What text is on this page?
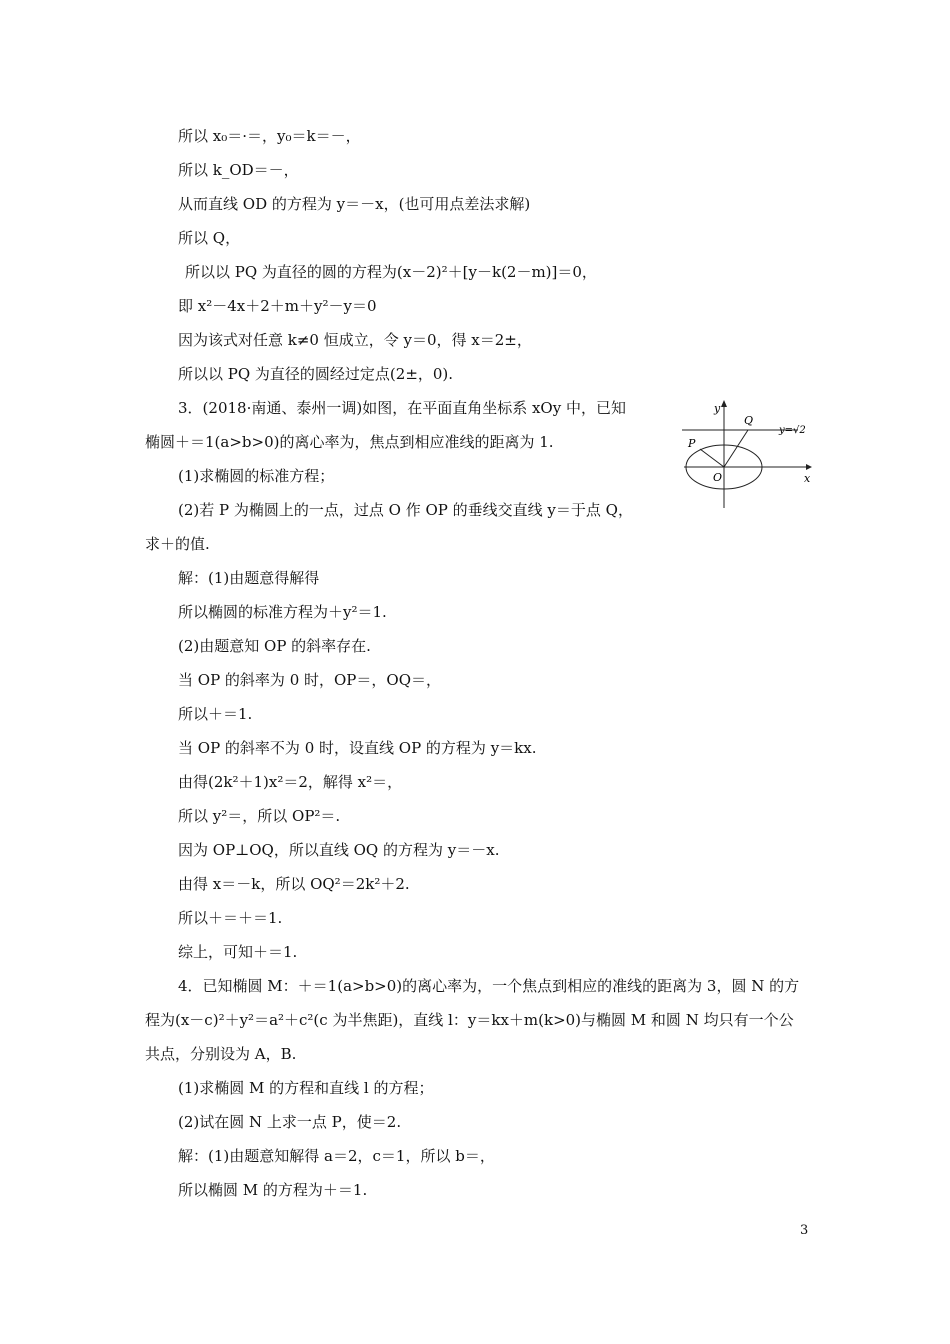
所以 x₀＝·＝，y₀＝k＝－，
所以 k_OD＝－，
从而直线 OD 的方程为 y＝－x，(也可用点差法求解)
所以 Q，
所以以 PQ 为直径的圆的方程为(x－2)²＋[y－k(2－m)]＝0，
即 x²－4x＋2＋m＋y²－y＝0
因为该式对任意 k≠0 恒成立，令 y＝0，得 x＝2±，
所以以 PQ 为直径的圆经过定点(2±，0).
3．(2018·南通、泰州一调)如图，在平面直角坐标系 xOy 中，已知
椭圆＋＝1(a>b>0)的离心率为，焦点到相应准线的距离为 1.
(1)求椭圆的标准方程；
(2)若 P 为椭圆上的一点，过点 O 作 OP 的垂线交直线 y＝于点 Q，
求＋的值.
解：(1)由题意得解得
所以椭圆的标准方程为＋y²＝1.
(2)由题意知 OP 的斜率存在.
当 OP 的斜率为 0 时，OP＝，OQ＝，
所以＋＝1.
当 OP 的斜率不为 0 时，设直线 OP 的方程为 y＝kx.
由得(2k²＋1)x²＝2，解得 x²＝，
所以 y²＝，所以 OP²＝.
因为 OP⊥OQ，所以直线 OQ 的方程为 y＝－x.
由得 x＝－k，所以 OQ²＝2k²＋2.
所以＋＝＋＝1.
综上，可知＋＝1.
4．已知椭圆 M：＋＝1(a>b>0)的离心率为，一个焦点到相应的准线的距离为 3，圆 N 的方
程为(x－c)²＋y²＝a²＋c²(c 为半焦距)，直线 l：y＝kx＋m(k>0)与椭圆 M 和圆 N 均只有一个公
共点，分别设为 A，B.
(1)求椭圆 M 的方程和直线 l 的方程；
(2)试在圆 N 上求一点 P，使＝2.
解：(1)由题意知解得 a＝2，c＝1，所以 b＝，
所以椭圆 M 的方程为＋＝1.
y
x
O
P
Q
y=√2
3
